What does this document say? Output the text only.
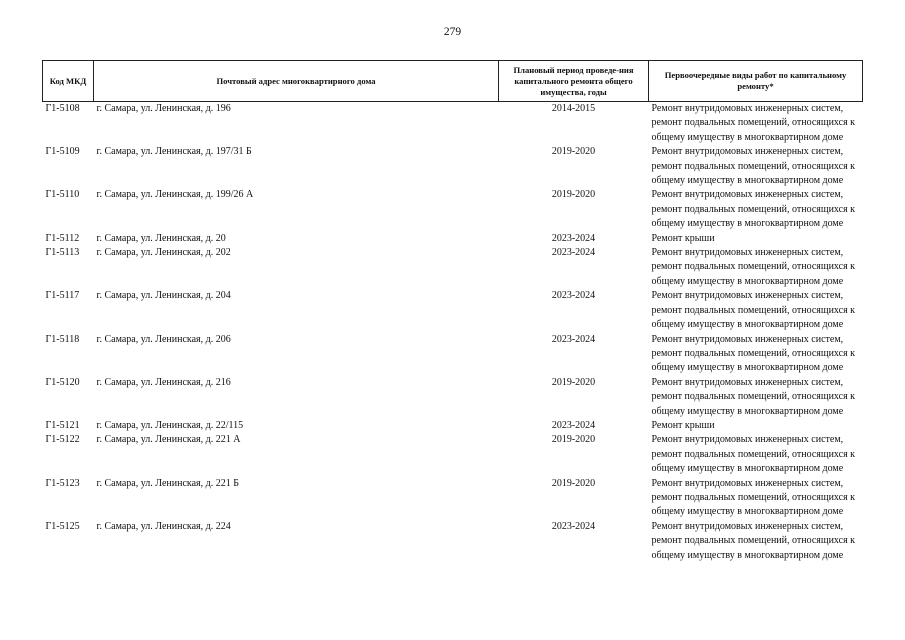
279
Код МКД	Почтовый адрес многоквартирного дома	Плановый период проведе-ния капитального ремонта общего имущества, годы	Первоочередные виды работ по капитальному ремонту*
Г1-5108	г. Самара, ул. Ленинская, д. 196	2014-2015	Ремонт внутридомовых инженерных систем,
ремонт подвальных помещений, относящихся к
общему имуществу в многоквартирном доме

Г1-5109	г. Самара, ул. Ленинская, д. 197/31 Б	2019-2020	Ремонт внутридомовых инженерных систем,
ремонт подвальных помещений, относящихся к
общему имуществу в многоквартирном доме

Г1-5110	г. Самара, ул. Ленинская, д. 199/26 А	2019-2020	Ремонт внутридомовых инженерных систем,
ремонт подвальных помещений, относящихся к
общему имуществу в многоквартирном доме

Г1-5112	г. Самара, ул. Ленинская, д. 20	2023-2024	Ремонт крыши

Г1-5113	г. Самара, ул. Ленинская, д. 202	2023-2024	Ремонт внутридомовых инженерных систем,
ремонт подвальных помещений, относящихся к
общему имуществу в многоквартирном доме

Г1-5117	г. Самара, ул. Ленинская, д. 204	2023-2024	Ремонт внутридомовых инженерных систем,
ремонт подвальных помещений, относящихся к
общему имуществу в многоквартирном доме

Г1-5118	г. Самара, ул. Ленинская, д. 206	2023-2024	Ремонт внутридомовых инженерных систем,
ремонт подвальных помещений, относящихся к
общему имуществу в многоквартирном доме

Г1-5120	г. Самара, ул. Ленинская, д. 216	2019-2020	Ремонт внутридомовых инженерных систем,
ремонт подвальных помещений, относящихся к
общему имуществу в многоквартирном доме

Г1-5121	г. Самара, ул. Ленинская, д. 22/115	2023-2024	Ремонт крыши

Г1-5122	г. Самара, ул. Ленинская, д. 221 А	2019-2020	Ремонт внутридомовых инженерных систем,
ремонт подвальных помещений, относящихся к
общему имуществу в многоквартирном доме

Г1-5123	г. Самара, ул. Ленинская, д. 221 Б	2019-2020	Ремонт внутридомовых инженерных систем,
ремонт подвальных помещений, относящихся к
общему имуществу в многоквартирном доме

Г1-5125	г. Самара, ул. Ленинская, д. 224	2023-2024	Ремонт внутридомовых инженерных систем,
ремонт подвальных помещений, относящихся к
общему имуществу в многоквартирном доме
